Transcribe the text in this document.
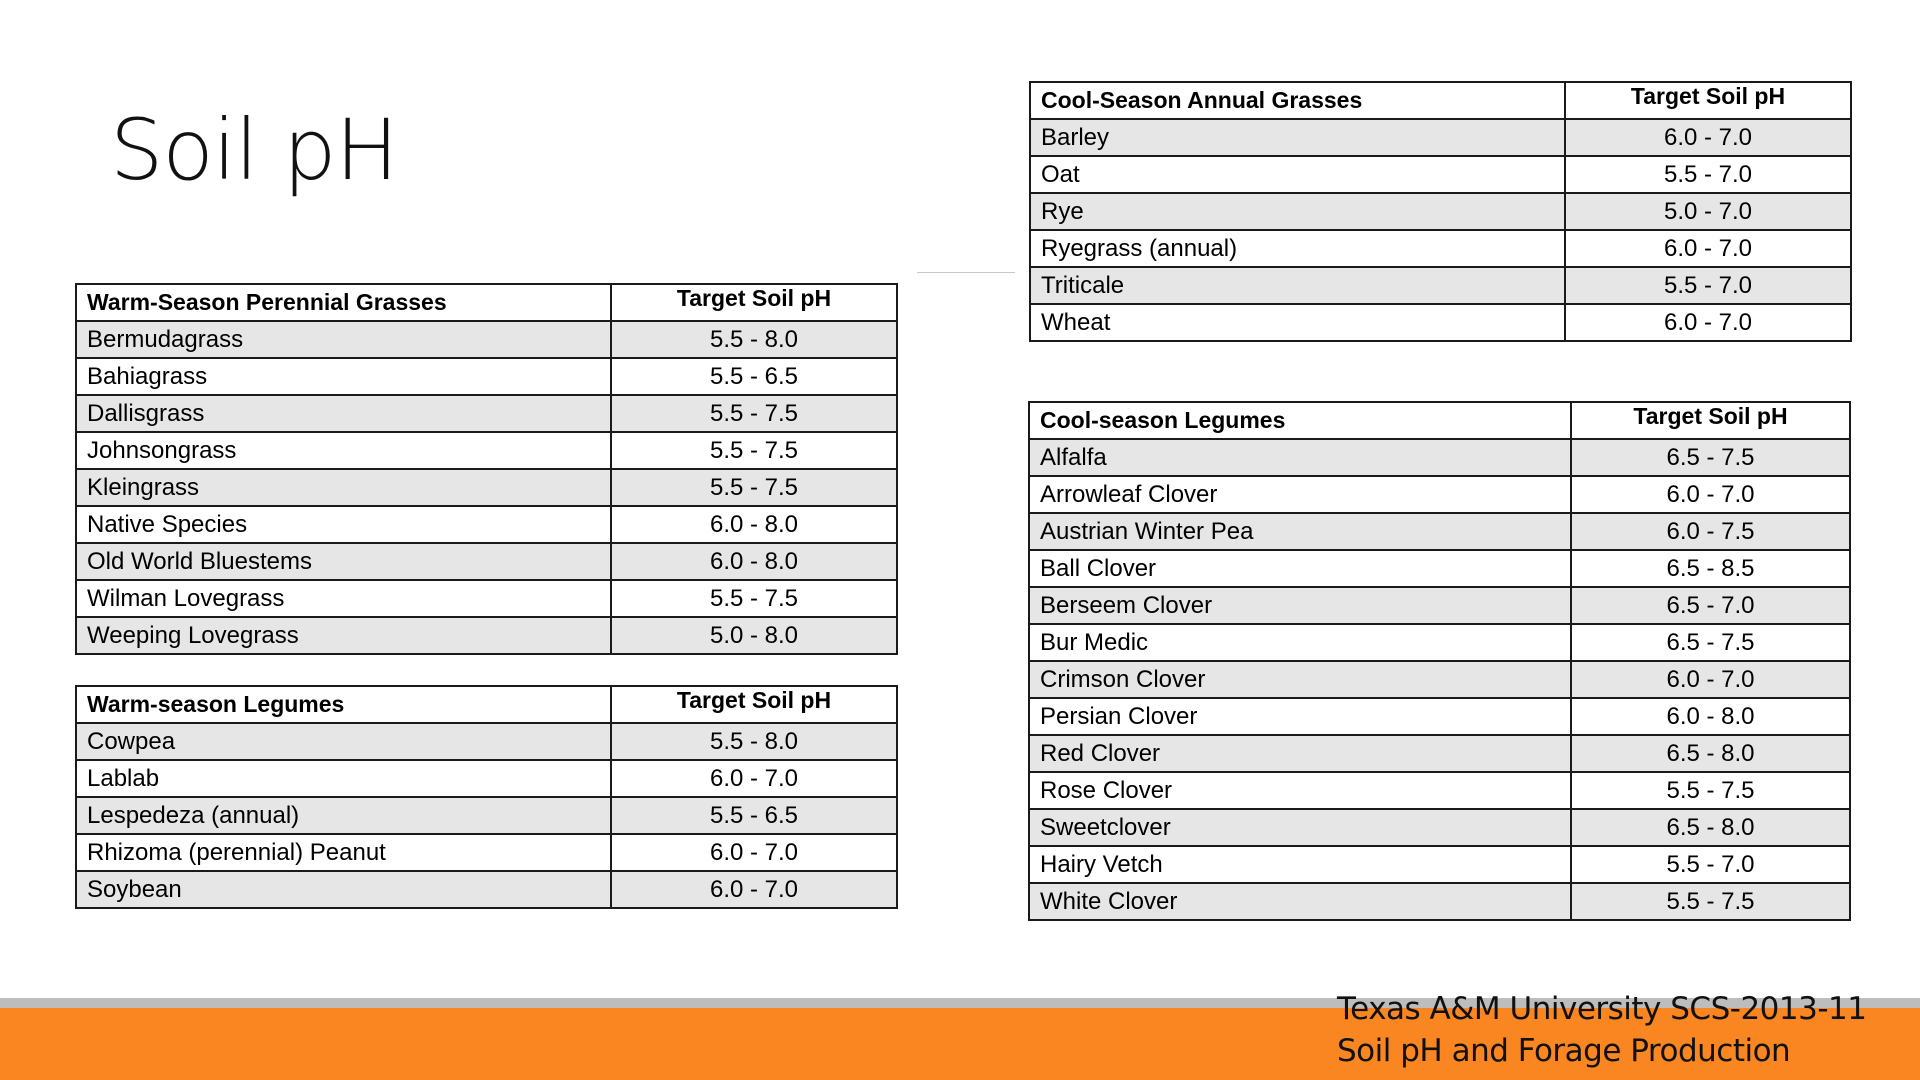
Soil pH
Warm-Season Perennial Grasses	Target Soil pH
Bermudagrass	5.5 - 8.0
Bahiagrass	5.5 - 6.5
Dallisgrass	5.5 - 7.5
Johnsongrass	5.5 - 7.5
Kleingrass	5.5 - 7.5
Native Species	6.0 - 8.0
Old World Bluestems	6.0 - 8.0
Wilman Lovegrass	5.5 - 7.5
Weeping Lovegrass	5.0 - 8.0
Warm-season Legumes	Target Soil pH
Cowpea	5.5 - 8.0
Lablab	6.0 - 7.0
Lespedeza (annual)	5.5 - 6.5
Rhizoma (perennial) Peanut	6.0 - 7.0
Soybean	6.0 - 7.0
Cool-Season Annual Grasses	Target Soil pH
Barley	6.0 - 7.0
Oat	5.5 - 7.0
Rye	5.0 - 7.0
Ryegrass (annual)	6.0 - 7.0
Triticale	5.5 - 7.0
Wheat	6.0 - 7.0
Cool-season Legumes	Target Soil pH
Alfalfa	6.5 - 7.5
Arrowleaf Clover	6.0 - 7.0
Austrian Winter Pea	6.0 - 7.5
Ball Clover	6.5 - 8.5
Berseem Clover	6.5 - 7.0
Bur Medic	6.5 - 7.5
Crimson Clover	6.0 - 7.0
Persian Clover	6.0 - 8.0
Red Clover	6.5 - 8.0
Rose Clover	5.5 - 7.5
Sweetclover	6.5 - 8.0
Hairy Vetch	5.5 - 7.0
White Clover	5.5 - 7.5
Texas A&M University SCS-2013-11
Soil pH and Forage Production
